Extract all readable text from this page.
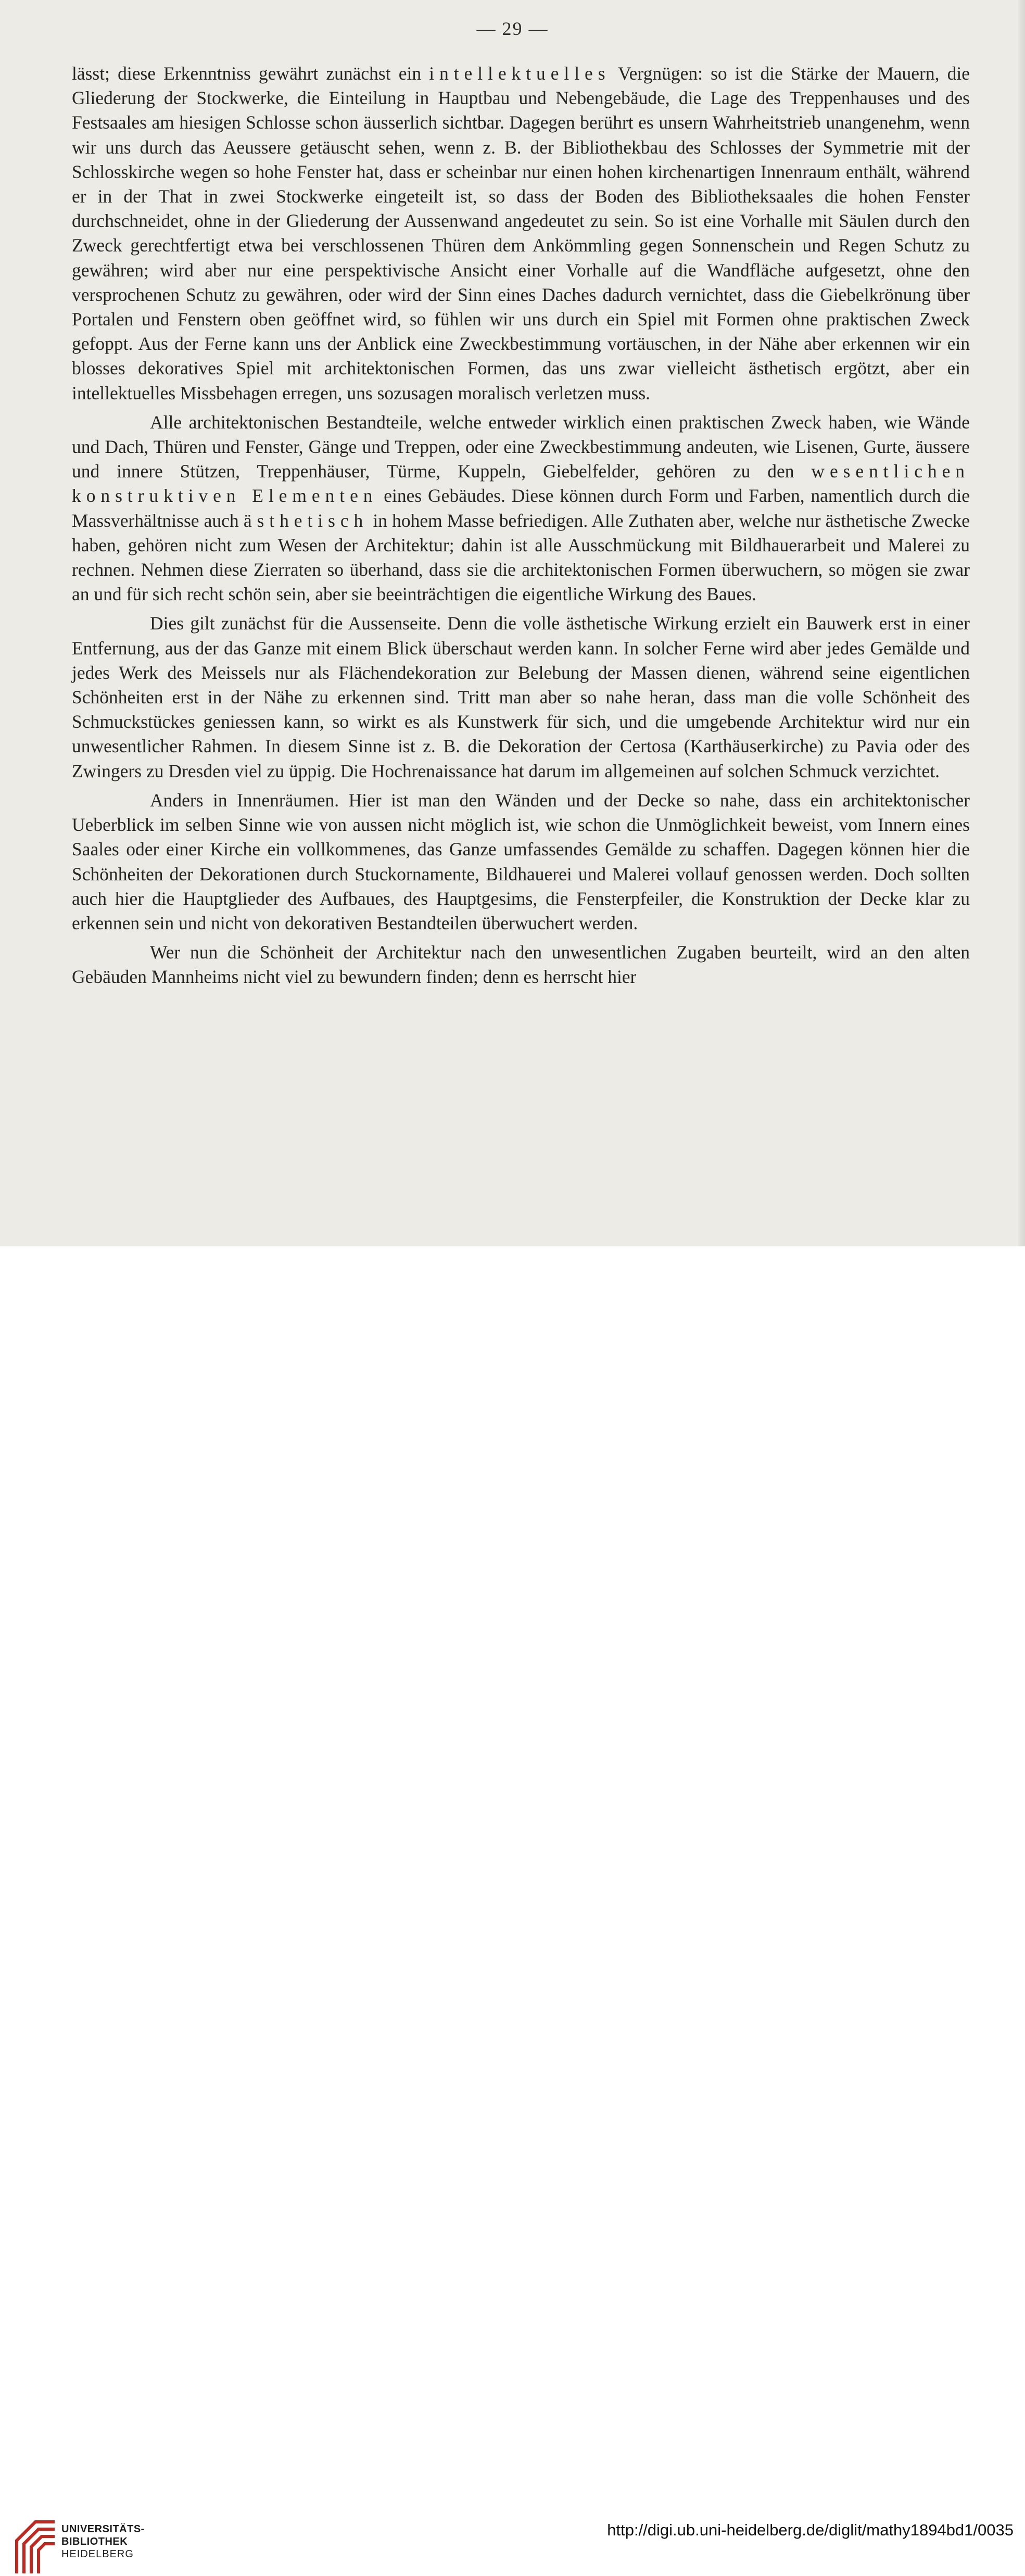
— 29 —

lässt; diese Erkenntniss gewährt zunächst ein intellektuelles Vergnügen: so ist die Stärke der Mauern, die Gliederung der Stockwerke, die Einteilung in Hauptbau und Nebengebäude, die Lage des Treppenhauses und des Festsaales am hiesigen Schlosse schon äusserlich sichtbar. Dagegen berührt es unsern Wahrheitstrieb unangenehm, wenn wir uns durch das Aeussere getäuscht sehen, wenn z. B. der Bibliothekbau des Schlosses der Symmetrie mit der Schlosskirche wegen so hohe Fenster hat, dass er scheinbar nur einen hohen kirchenartigen Innenraum enthält, während er in der That in zwei Stockwerke eingeteilt ist, so dass der Boden des Bibliotheksaales die hohen Fenster durchschneidet, ohne in der Gliederung der Aussenwand angedeutet zu sein. So ist eine Vorhalle mit Säulen durch den Zweck gerechtfertigt etwa bei verschlossenen Thüren dem Ankömmling gegen Sonnenschein und Regen Schutz zu gewähren; wird aber nur eine perspektivische Ansicht einer Vorhalle auf die Wandfläche aufgesetzt, ohne den versprochenen Schutz zu gewähren, oder wird der Sinn eines Daches dadurch vernichtet, dass die Giebelkrönung über Portalen und Fenstern oben geöffnet wird, so fühlen wir uns durch ein Spiel mit Formen ohne praktischen Zweck gefoppt. Aus der Ferne kann uns der Anblick eine Zweckbestimmung vortäuschen, in der Nähe aber erkennen wir ein blosses dekoratives Spiel mit architektonischen Formen, das uns zwar vielleicht ästhetisch ergötzt, aber ein intellektuelles Missbehagen erregen, uns sozusagen moralisch verletzen muss.

Alle architektonischen Bestandteile, welche entweder wirklich einen praktischen Zweck haben, wie Wände und Dach, Thüren und Fenster, Gänge und Treppen, oder eine Zweckbestimmung andeuten, wie Lisenen, Gurte, äussere und innere Stützen, Treppenhäuser, Türme, Kuppeln, Giebelfelder, gehören zu den wesentlichen konstruktiven Elementen eines Gebäudes. Diese können durch Form und Farben, namentlich durch die Massverhältnisse auch ästhetisch in hohem Masse befriedigen. Alle Zuthaten aber, welche nur ästhetische Zwecke haben, gehören nicht zum Wesen der Architektur; dahin ist alle Ausschmückung mit Bildhauerarbeit und Malerei zu rechnen. Nehmen diese Zierraten so überhand, dass sie die architektonischen Formen überwuchern, so mögen sie zwar an und für sich recht schön sein, aber sie beeinträchtigen die eigentliche Wirkung des Baues.

Dies gilt zunächst für die Aussenseite. Denn die volle ästhetische Wirkung erzielt ein Bauwerk erst in einer Entfernung, aus der das Ganze mit einem Blick überschaut werden kann. In solcher Ferne wird aber jedes Gemälde und jedes Werk des Meissels nur als Flächendekoration zur Belebung der Massen dienen, während seine eigentlichen Schönheiten erst in der Nähe zu erkennen sind. Tritt man aber so nahe heran, dass man die volle Schönheit des Schmuckstückes geniessen kann, so wirkt es als Kunstwerk für sich, und die umgebende Architektur wird nur ein unwesentlicher Rahmen. In diesem Sinne ist z. B. die Dekoration der Certosa (Karthäuserkirche) zu Pavia oder des Zwingers zu Dresden viel zu üppig. Die Hochrenaissance hat darum im allgemeinen auf solchen Schmuck verzichtet.

Anders in Innenräumen. Hier ist man den Wänden und der Decke so nahe, dass ein architektonischer Ueberblick im selben Sinne wie von aussen nicht möglich ist, wie schon die Unmöglichkeit beweist, vom Innern eines Saales oder einer Kirche ein vollkommenes, das Ganze umfassendes Gemälde zu schaffen. Dagegen können hier die Schönheiten der Dekorationen durch Stuckornamente, Bildhauerei und Malerei vollauf genossen werden. Doch sollten auch hier die Hauptglieder des Aufbaues, des Hauptgesims, die Fensterpfeiler, die Konstruktion der Decke klar zu erkennen sein und nicht von dekorativen Bestandteilen überwuchert werden.

Wer nun die Schönheit der Architektur nach den unwesentlichen Zugaben beurteilt, wird an den alten Gebäuden Mannheims nicht viel zu bewundern finden; denn es herrscht hier

UNIVERSITÄTS-
BIBLIOTHEK
HEIDELBERG
http://digi.ub.uni-heidelberg.de/diglit/mathy1894bd1/0035
